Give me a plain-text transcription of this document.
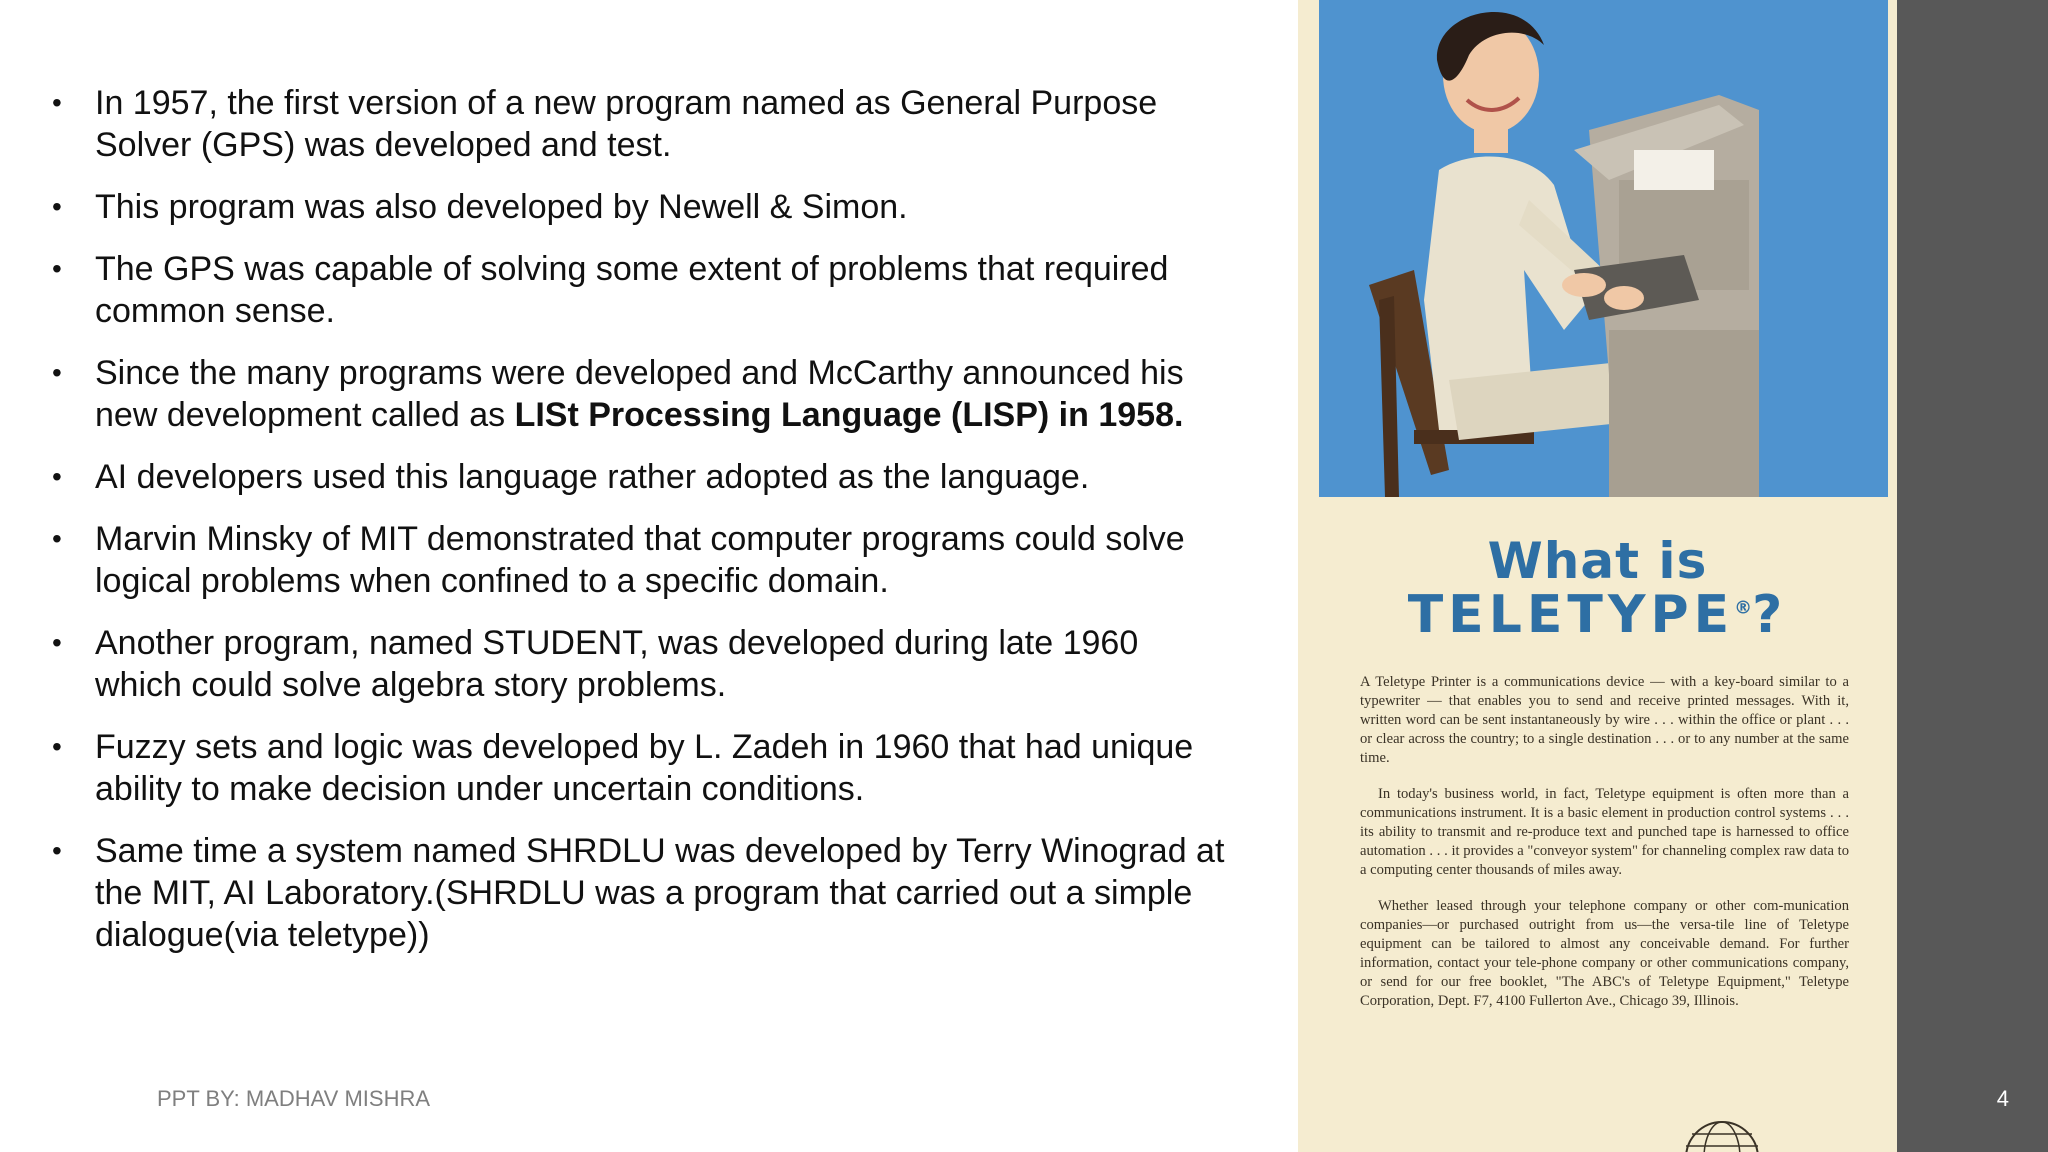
• In 1957, the first version of a new program named as General Purpose Solver (GPS) was developed and test.
• This program was also developed by Newell & Simon.
• The GPS was capable of solving some extent of problems that required common sense.
• Since the many programs were developed and McCarthy announced his new development called as LISt Processing Language (LISP) in 1958.
• AI developers used this language rather adopted as the language.
• Marvin Minsky of MIT demonstrated that computer programs could solve logical problems when confined to a specific domain.
• Another program, named STUDENT, was developed during late 1960 which could solve algebra story problems.
• Fuzzy sets and logic was developed by L. Zadeh in 1960 that had unique ability to make decision under uncertain conditions.
• Same time a system named SHRDLU was developed by Terry Winograd at the MIT, AI Laboratory.(SHRDLU was a program that carried out a simple dialogue(via teletype))
PPT BY: MADHAV MISHRA
What is
TELETYPE®?

A Teletype Printer is a communications device — with a key-board similar to a typewriter — that enables you to send and receive printed messages. With it, written word can be sent instantaneously by wire . . . within the office or plant . . . or clear across the country; to a single destination . . . or to any number at the same time.

In today's business world, in fact, Teletype equipment is often more than a communications instrument. It is a basic element in production control systems . . . its ability to transmit and re-produce text and punched tape is harnessed to office automation . . . it provides a "conveyor system" for channeling complex raw data to a computing center thousands of miles away.

Whether leased through your telephone company or other com-munication companies—or purchased outright from us—the versa-tile line of Teletype equipment can be tailored to almost any conceivable demand. For further information, contact your tele-phone company or other communications company, or send for our free booklet, "The ABC's of Teletype Equipment," Teletype Corporation, Dept. F7, 4100 Fullerton Ave., Chicago 39, Illinois.

4
